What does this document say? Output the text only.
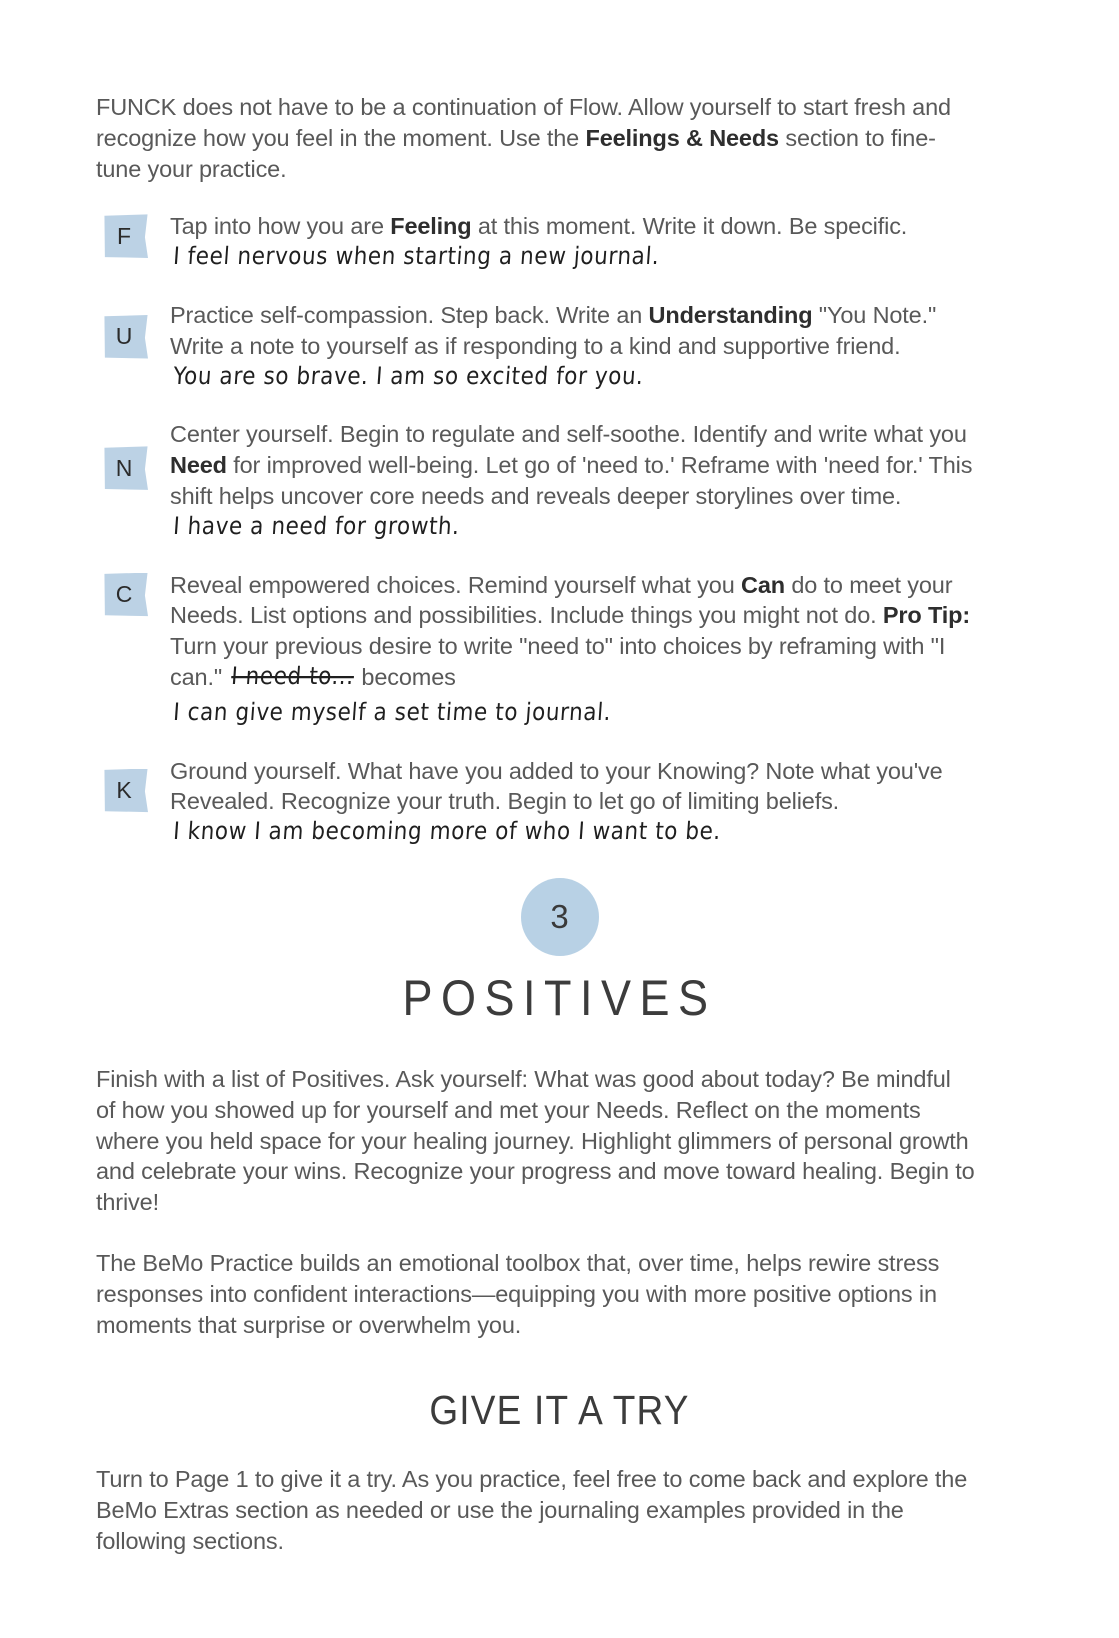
FUNCK does not have to be a continuation of Flow. Allow yourself to start fresh and recognize how you feel in the moment. Use the Feelings & Needs section to fine-tune your practice.

F	Tap into how you are Feeling at this moment. Write it down. Be specific. I feel nervous when starting a new journal.

U

Practice self-compassion. Step back. Write an Understanding "You Note." Write a note to yourself as if responding to a kind and supportive friend. You are so brave. I am so excited for you.

N

Center yourself. Begin to regulate and self-soothe. Identify and write what you Need for improved well-being. Let go of 'need to.' Reframe with 'need for.' This shift helps uncover core needs and reveals deeper storylines over time. I have a need for growth.

C	Reveal empowered choices. Remind yourself what you Can do to meet your Needs. List options and possibilities. Include things you might not do. Pro Tip: Turn your previous desire to write "need to" into choices by reframing with "I can." I need to... becomes
I can give myself a set time to journal.

K

Ground yourself. What have you added to your Knowing? Note what you've Revealed. Recognize your truth. Begin to let go of limiting beliefs. I know I am becoming more of who I want to be.

3
POSITIVES

Finish with a list of Positives. Ask yourself: What was good about today? Be mindful of how you showed up for yourself and met your Needs. Reflect on the moments where you held space for your healing journey. Highlight glimmers of personal growth and celebrate your wins. Recognize your progress and move toward healing. Begin to thrive!

The BeMo Practice builds an emotional toolbox that, over time, helps rewire stress responses into confident interactions—equipping you with more positive options in moments that surprise or overwhelm you.

GIVE IT A TRY

Turn to Page 1 to give it a try. As you practice, feel free to come back and explore the BeMo Extras section as needed or use the journaling examples provided in the following sections.
